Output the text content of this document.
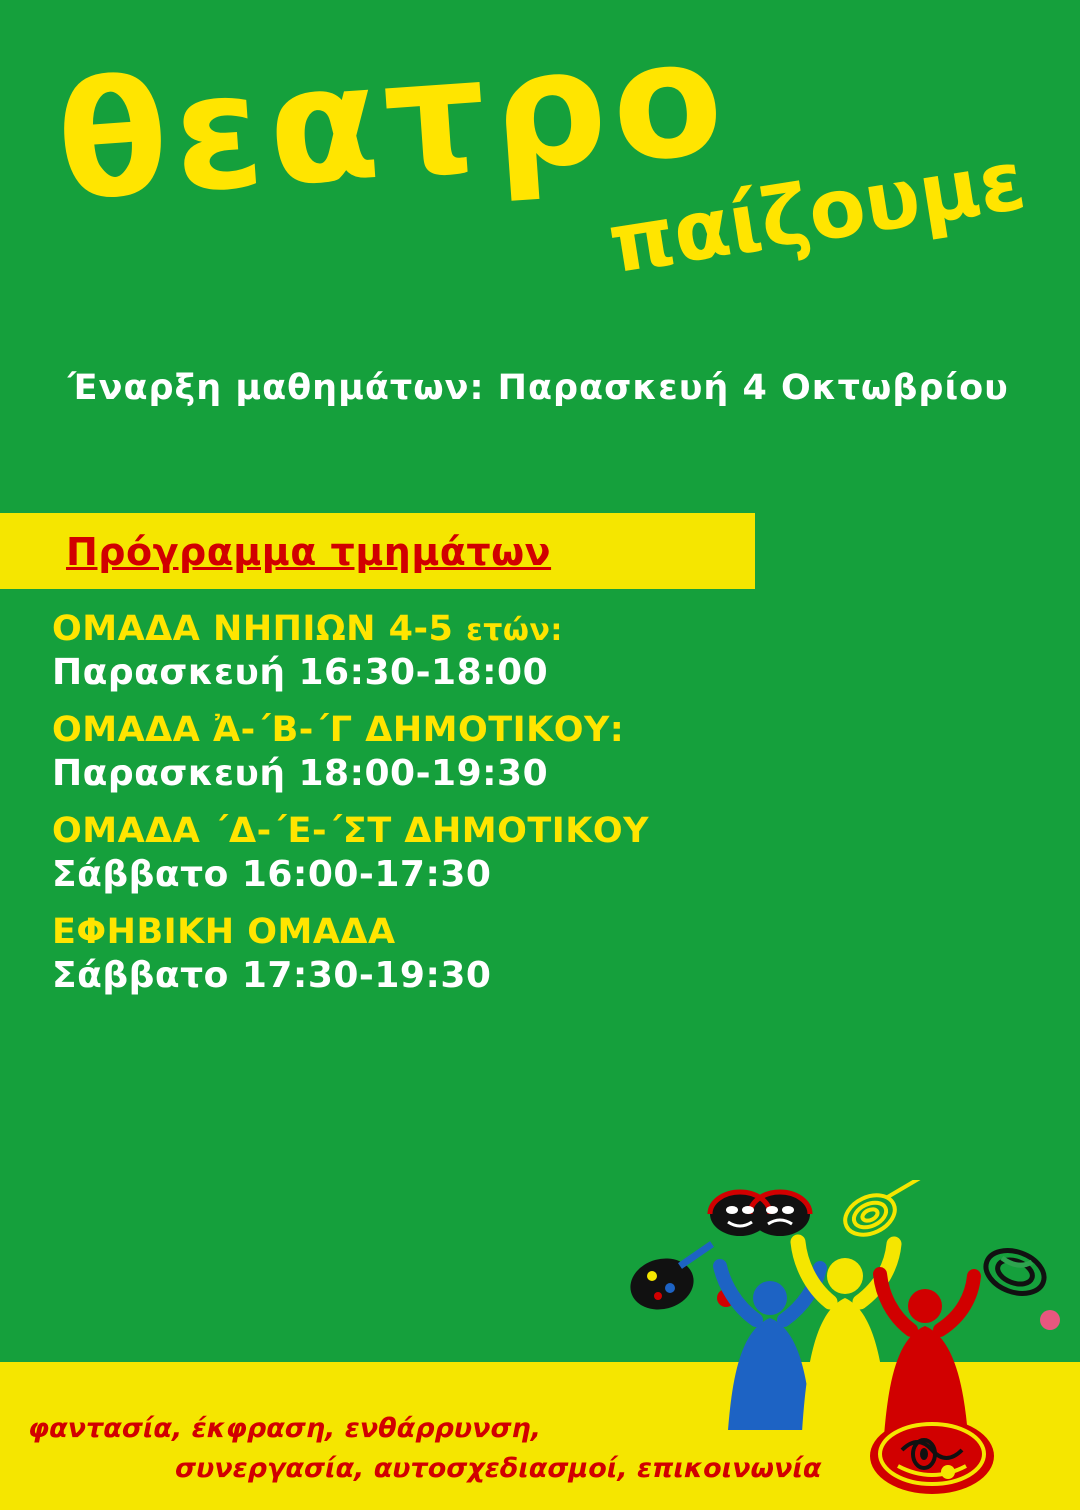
θεατρο
παίζουμε
Έναρξη μαθημάτων: Παρασκευή 4 Οκτωβρίου
Πρόγραμμα τμημάτων
ΟΜΑΔΑ ΝΗΠΙΩΝ 4-5 ετών:
Παρασκευή 16:30-18:00
ΟΜΑΔΑ Ἀ-΄Β-΄Γ ΔΗΜΟΤΙΚΟΥ:
Παρασκευή 18:00-19:30
ΟΜΑΔΑ ΄Δ-΄Ε-΄ΣΤ ΔΗΜΟΤΙΚΟΥ
Σάββατο 16:00-17:30
ΕΦΗΒΙΚΗ ΟΜΑΔΑ
Σάββατο 17:30-19:30
φαντασία, έκφραση, ενθάρρυνση,
συνεργασία, αυτοσχεδιασμοί, επικοινωνία
